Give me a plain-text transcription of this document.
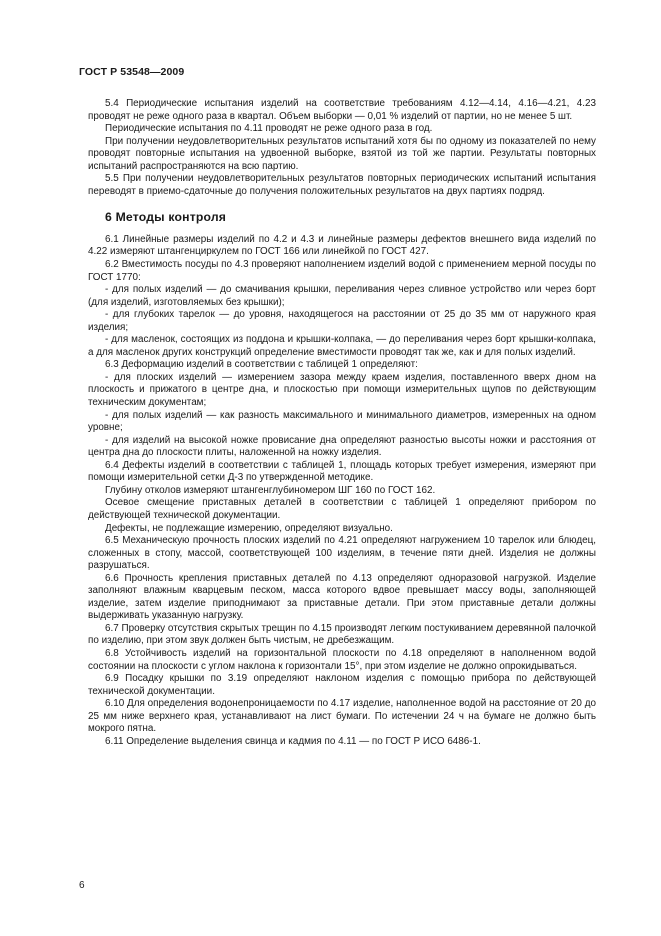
ГОСТ Р 53548—2009

5.4 Периодические испытания изделий на соответствие требованиям 4.12—4.14, 4.16—4.21, 4.23 проводят не реже одного раза в квартал. Объем выборки — 0,01 % изделий от партии, но не менее 5 шт.

Периодические испытания по 4.11 проводят не реже одного раза в год.

При получении неудовлетворительных результатов испытаний хотя бы по одному из показателей по нему проводят повторные испытания на удвоенной выборке, взятой из той же партии. Результаты повторных испытаний распространяются на всю партию.

5.5 При получении неудовлетворительных результатов повторных периодических испытаний испытания переводят в приемо-сдаточные до получения положительных результатов на двух партиях подряд.

6 Методы контроля

6.1 Линейные размеры изделий по 4.2 и 4.3 и линейные размеры дефектов внешнего вида изделий по 4.22 измеряют штангенциркулем по ГОСТ 166 или линейкой по ГОСТ 427.

6.2 Вместимость посуды по 4.3 проверяют наполнением изделий водой с применением мерной посуды по ГОСТ 1770:

- для полых изделий — до смачивания крышки, переливания через сливное устройство или через борт (для изделий, изготовляемых без крышки);

- для глубоких тарелок — до уровня, находящегося на расстоянии от 25 до 35 мм от наружного края изделия;

- для масленок, состоящих из поддона и крышки-колпака, — до переливания через борт крышки-колпака, а для масленок других конструкций определение вместимости проводят так же, как и для полых изделий.

6.3 Деформацию изделий в соответствии с таблицей 1 определяют:

- для плоских изделий — измерением зазора между краем изделия, поставленного вверх дном на плоскость и прижатого в центре дна, и плоскостью при помощи измерительных щупов по действующим техническим документам;

- для полых изделий — как разность максимального и минимального диаметров, измеренных на одном уровне;

- для изделий на высокой ножке провисание дна определяют разностью высоты ножки и расстояния от центра дна до плоскости плиты, наложенной на ножку изделия.

6.4 Дефекты изделий в соответствии с таблицей 1, площадь которых требует измерения, измеряют при помощи измерительной сетки Д-3 по утвержденной методике.

Глубину отколов измеряют штангенглубиномером ШГ 160 по ГОСТ 162.

Осевое смещение приставных деталей в соответствии с таблицей 1 определяют прибором по действующей технической документации.

Дефекты, не подлежащие измерению, определяют визуально.

6.5 Механическую прочность плоских изделий по 4.21 определяют нагружением 10 тарелок или блюдец, сложенных в стопу, массой, соответствующей 100 изделиям, в течение пяти дней. Изделия не должны разрушаться.

6.6 Прочность крепления приставных деталей по 4.13 определяют одноразовой нагрузкой. Изделие заполняют влажным кварцевым песком, масса которого вдвое превышает массу воды, заполняющей изделие, затем изделие приподнимают за приставные детали. При этом приставные детали должны выдерживать указанную нагрузку.

6.7 Проверку отсутствия скрытых трещин по 4.15 производят легким постукиванием деревянной палочкой по изделию, при этом звук должен быть чистым, не дребезжащим.

6.8 Устойчивость изделий на горизонтальной плоскости по 4.18 определяют в наполненном водой состоянии на плоскости с углом наклона к горизонтали 15°, при этом изделие не должно опрокидываться.

6.9 Посадку крышки по 3.19 определяют наклоном изделия с помощью прибора по действующей технической документации.

6.10 Для определения водонепроницаемости по 4.17 изделие, наполненное водой на расстояние от 20 до 25 мм ниже верхнего края, устанавливают на лист бумаги. По истечении 24 ч на бумаге не должно быть мокрого пятна.

6.11 Определение выделения свинца и кадмия по 4.11 — по ГОСТ Р ИСО 6486-1.

6
